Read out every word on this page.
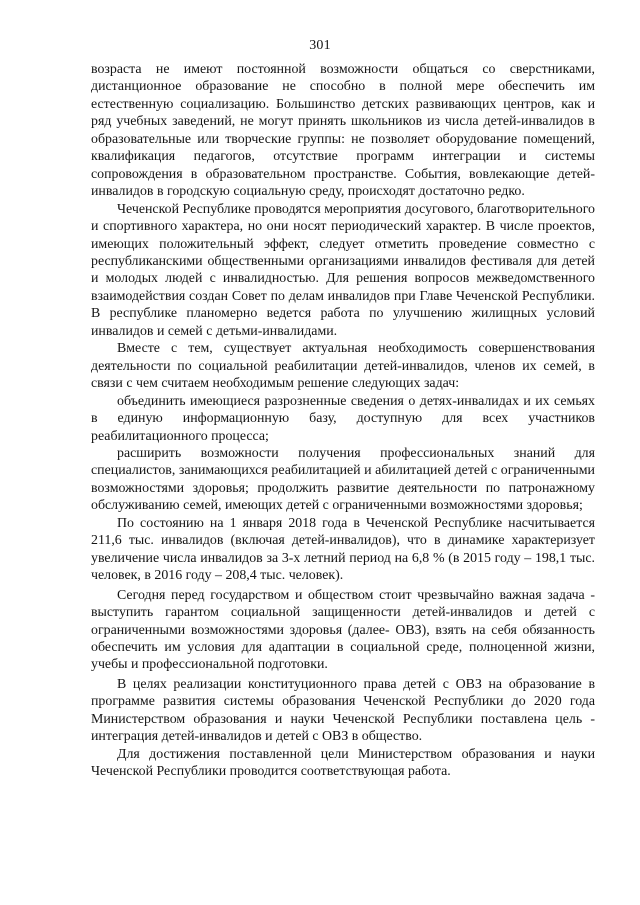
301

возраста не имеют постоянной возможности общаться со сверстниками, дистанционное образование не способно в полной мере обеспечить им естественную социализацию. Большинство детских развивающих центров, как и ряд учебных заведений, не могут принять школьников из числа детей-инвалидов в образовательные или творческие группы: не позволяет оборудование помещений, квалификация педагогов, отсутствие программ интеграции и системы сопровождения в образовательном пространстве. События, вовлекающие детей-инвалидов в городскую социальную среду, происходят достаточно редко.

Чеченской Республике проводятся мероприятия досугового, благотворительного и спортивного характера, но они носят периодический характер. В числе проектов, имеющих положительный эффект, следует отметить проведение совместно с республиканскими общественными организациями инвалидов фестиваля для детей и молодых людей с инвалидностью. Для решения вопросов межведомственного взаимодействия создан Совет по делам инвалидов при Главе Чеченской Республики. В республике планомерно ведется работа по улучшению жилищных условий инвалидов и семей с детьми-инвалидами.

Вместе с тем, существует актуальная необходимость совершенствования деятельности по социальной реабилитации детей-инвалидов, членов их семей, в связи с чем считаем необходимым решение следующих задач:

объединить имеющиеся разрозненные сведения о детях-инвалидах и их семьях в единую информационную базу, доступную для всех участников реабилитационного процесса;

расширить возможности получения профессиональных знаний для специалистов, занимающихся реабилитацией и абилитацией детей с ограниченными возможностями здоровья; продолжить развитие деятельности по патронажному обслуживанию семей, имеющих детей с ограниченными возможностями здоровья;

По состоянию на 1 января 2018 года в Чеченской Республике насчитывается 211,6 тыс. инвалидов (включая детей-инвалидов), что в динамике характеризует увеличение числа инвалидов за 3-х летний период на 6,8 % (в 2015 году – 198,1 тыс. человек, в 2016 году – 208,4 тыс. человек).

Сегодня перед государством и обществом стоит чрезвычайно важная задача - выступить гарантом социальной защищенности детей-инвалидов и детей с ограниченными возможностями здоровья (далее- ОВЗ), взять на себя обязанность обеспечить им условия для адаптации в социальной среде, полноценной жизни, учебы и профессиональной подготовки.

В целях реализации конституционного права детей с ОВЗ на образование в программе развития системы образования Чеченской Республики до 2020 года Министерством образования и науки Чеченской Республики поставлена цель - интеграция детей-инвалидов и детей с ОВЗ в общество.

Для достижения поставленной цели Министерством образования и науки Чеченской Республики проводится соответствующая работа.
